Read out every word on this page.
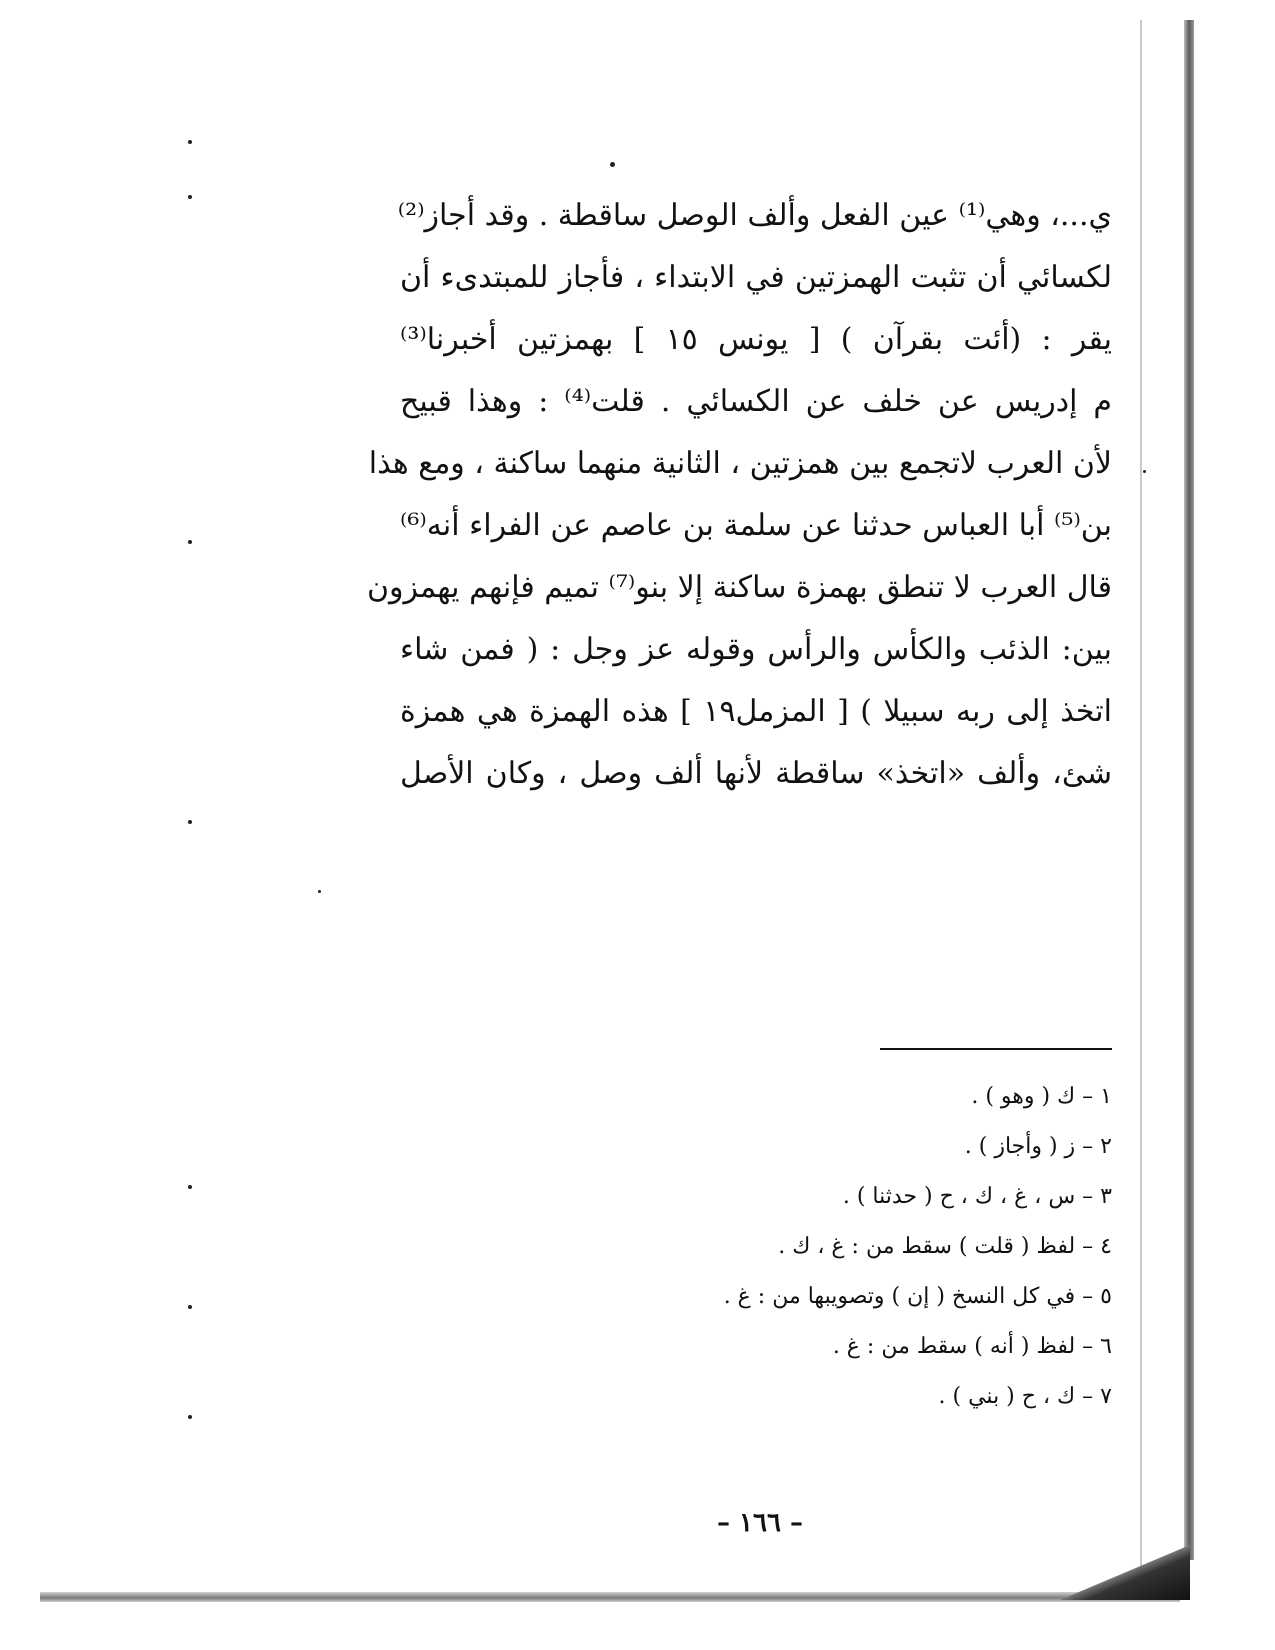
ي...، وهي⁽¹⁾ عين الفعل وألف الوصل ساقطة . وقد أجاز⁽²⁾
لكسائي أن تثبت الهمزتين في الابتداء ، فأجاز للمبتدىء أن
يقر : (أئت بقرآن ) [ يونس ١٥ ] بهمزتين أخبرنا⁽³⁾
م إدريس عن خلف عن الكسائي . قلت⁽⁴⁾ : وهذا قبيح
لأن العرب لاتجمع بين همزتين ، الثانية منهما ساكنة ، ومع هذا
بن⁽⁵⁾ أبا العباس حدثنا عن سلمة بن عاصم عن الفراء أنه⁽⁶⁾
قال العرب لا تنطق بهمزة ساكنة إلا بنو⁽⁷⁾ تميم فإنهم يهمزون
بين: الذئب والكأس والرأس وقوله عز وجل : ( فمن شاء
اتخذ إلى ربه سبيلا ) [ المزمل١٩ ] هذه الهمزة هي همزة
شئ، وألف «اتخذ» ساقطة لأنها ألف وصل ، وكان الأصل
١ – ك ( وهو ) .
٢ – ز ( وأجاز ) .
٣ – س ، غ ، ك ، ح ( حدثنا ) .
٤ – لفظ ( قلت ) سقط من : غ ، ك .
٥ – في كل النسخ ( إن ) وتصويبها من : غ .
٦ – لفظ ( أنه ) سقط من : غ .
٧ – ك ، ح ( بني ) .
– ١٦٦ –
